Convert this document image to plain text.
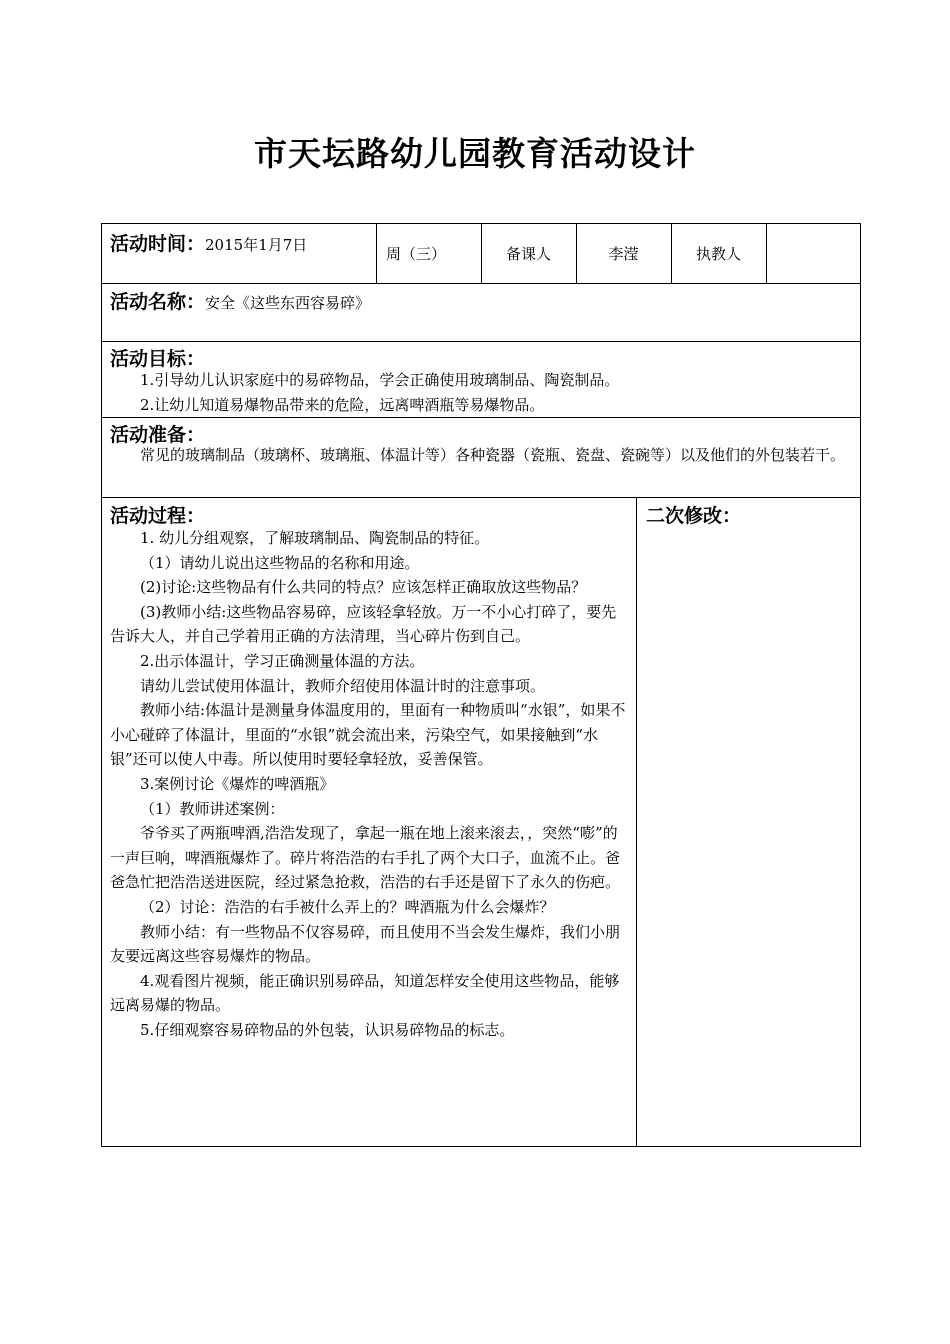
市天坛路幼儿园教育活动设计
活动时间：2015年1月7日	周（三）	备课人	李滢	执教人
活动名称：安全《这些东西容易碎》
活动目标：

1.引导幼儿认识家庭中的易碎物品，学会正确使用玻璃制品、陶瓷制品。

2.让幼儿知道易爆物品带来的危险，远离啤酒瓶等易爆物品。

活动准备：

常见的玻璃制品（玻璃杯、玻璃瓶、体温计等）各种瓷器（瓷瓶、瓷盘、瓷碗等）以及他们的外包装若干。

活动过程：	二次修改：

1. 幼儿分组观察，了解玻璃制品、陶瓷制品的特征。

（1）请幼儿说出这些物品的名称和用途。

(2)讨论:这些物品有什么共同的特点？应该怎样正确取放这些物品？

(3)教师小结:这些物品容易碎，应该轻拿轻放。万一不小心打碎了，要先告诉大人，并自己学着用正确的方法清理，当心碎片伤到自己。

2.出示体温计，学习正确测量体温的方法。

请幼儿尝试使用体温计，教师介绍使用体温计时的注意事项。

教师小结:体温计是测量身体温度用的，里面有一种物质叫“水银”，如果不小心碰碎了体温计，里面的“水银”就会流出来，污染空气，如果接触到“水银”还可以使人中毒。所以使用时要轻拿轻放，妥善保管。

3.案例讨论《爆炸的啤酒瓶》

（1）教师讲述案例：

爷爷买了两瓶啤酒,浩浩发现了，拿起一瓶在地上滚来滚去，，突然“嘭”的一声巨响，啤酒瓶爆炸了。碎片将浩浩的右手扎了两个大口子，血流不止。爸爸急忙把浩浩送进医院，经过紧急抢救，浩浩的右手还是留下了永久的伤疤。

（2）讨论：浩浩的右手被什么弄上的？啤酒瓶为什么会爆炸？

教师小结：有一些物品不仅容易碎，而且使用不当会发生爆炸，我们小朋友要远离这些容易爆炸的物品。

4.观看图片视频，能正确识别易碎品，知道怎样安全使用这些物品，能够远离易爆的物品。

5.仔细观察容易碎物品的外包装，认识易碎物品的标志。
